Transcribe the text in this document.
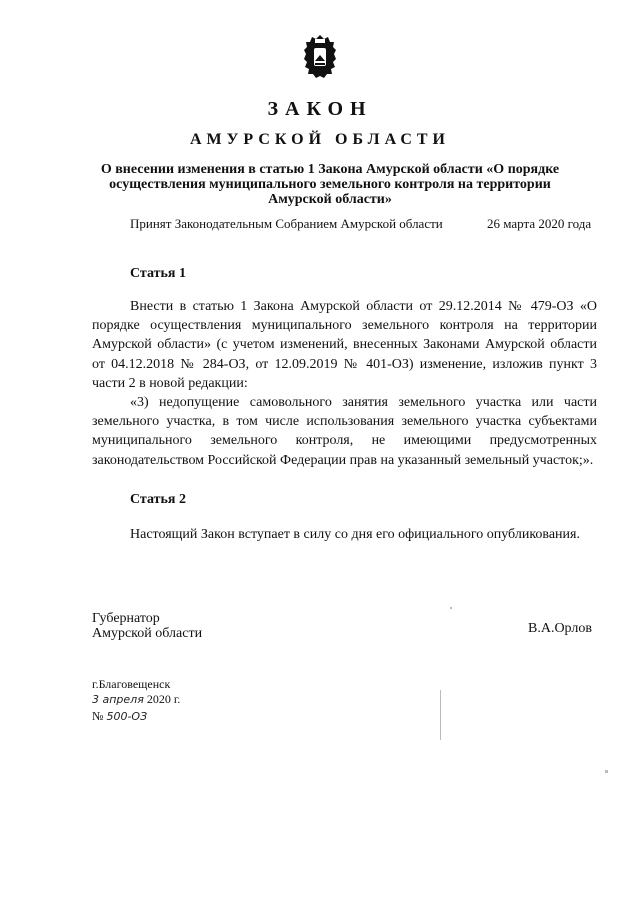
ЗАКОН
АМУРСКОЙ ОБЛАСТИ
О внесении изменения в статью 1 Закона Амурской области «О порядке осуществления муниципального земельного контроля на территории Амурской области»
Принят Законодательным Собранием Амурской области	26 марта 2020 года
Статья 1
Внести в статью 1 Закона Амурской области от 29.12.2014 № 479-ОЗ «О порядке осуществления муниципального земельного контроля на территории Амурской области» (с учетом изменений, внесенных Законами Амурской области от 04.12.2018 № 284-ОЗ, от 12.09.2019 № 401-ОЗ) изменение, изложив пункт 3 части 2 в новой редакции:
«3) недопущение самовольного занятия земельного участка или части земельного участка, в том числе использования земельного участка субъектами муниципального земельного контроля, не имеющими предусмотренных законодательством Российской Федерации прав на указанный земельный участок;».
Статья 2
Настоящий Закон вступает в силу со дня его официального опубликования.
Губернатор Амурской области	В.А.Орлов
г.Благовещенск
3 апреля 2020 г.
№ 500-ОЗ
